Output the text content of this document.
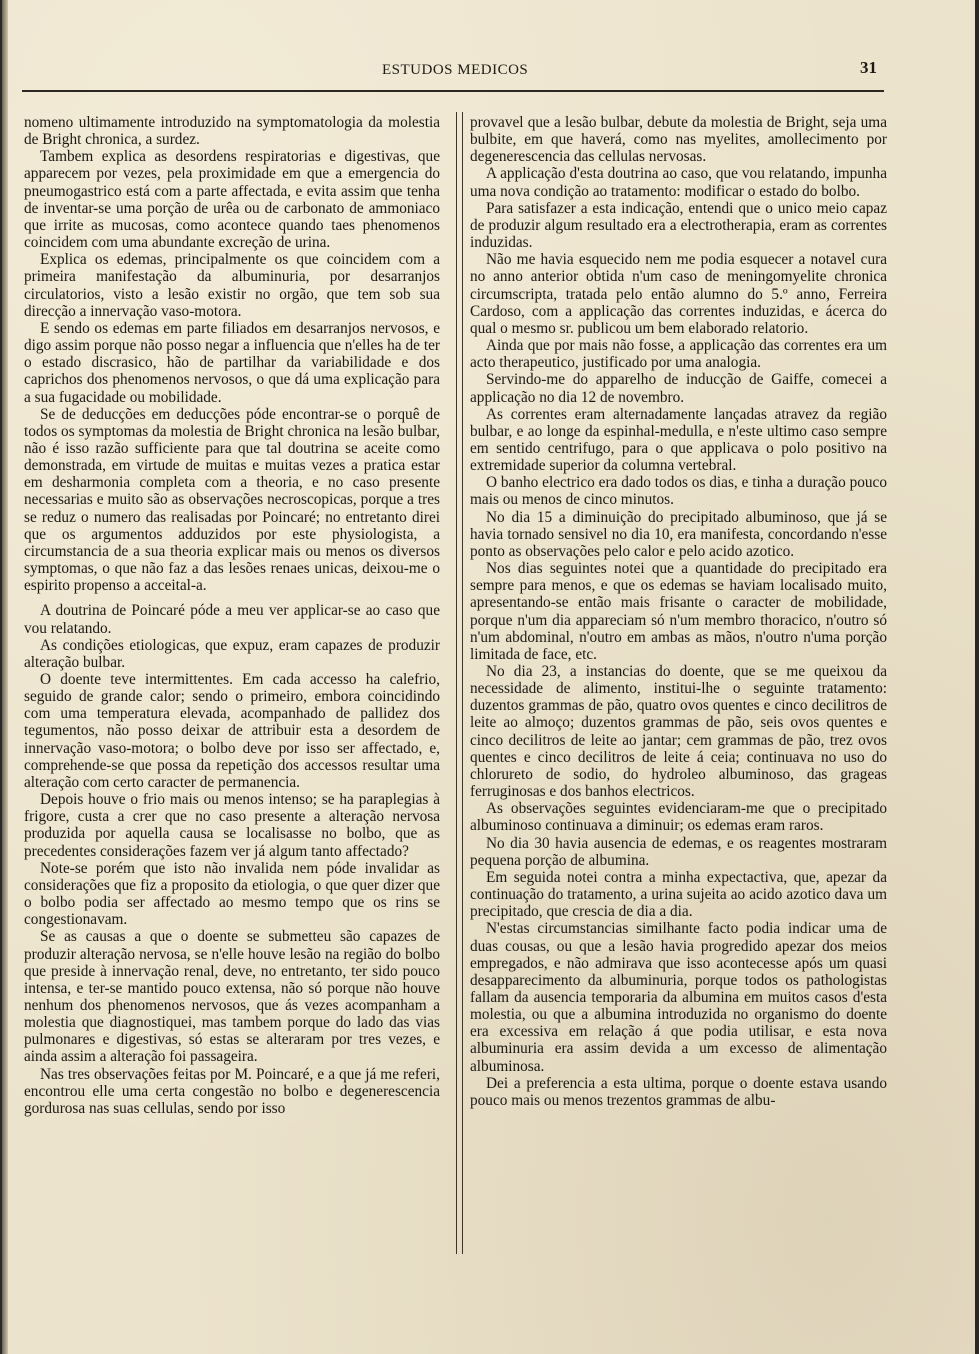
ESTUDOS MEDICOS	31

nomeno ultimamente introduzido na symptomatologia da molestia de Bright chronica, a surdez.

Tambem explica as desordens respiratorias e digestivas, que apparecem por vezes, pela proximidade em que a emergencia do pneumogastrico está com a parte affectada, e evita assim que tenha de inventar-se uma porção de urêa ou de carbonato de ammoniaco que irrite as mucosas, como acontece quando taes phenomenos coincidem com uma abundante excreção de urina.

Explica os edemas, principalmente os que coincidem com a primeira manifestação da albuminuria, por desarranjos circulatorios, visto a lesão existir no orgão, que tem sob sua direcção a innervação vaso-motora.

E sendo os edemas em parte filiados em desarranjos nervosos, e digo assim porque não posso negar a influencia que n'elles ha de ter o estado discrasico, hão de partilhar da variabilidade e dos caprichos dos phenomenos nervosos, o que dá uma explicação para a sua fugacidade ou mobilidade.

Se de deducções em deducções póde encontrar-se o porquê de todos os symptomas da molestia de Bright chronica na lesão bulbar, não é isso razão sufficiente para que tal doutrina se aceite como demonstrada, em virtude de muitas e muitas vezes a pratica estar em desharmonia completa com a theoria, e no caso presente necessarias e muito são as observações necroscopicas, porque a tres se reduz o numero das realisadas por Poincaré; no entretanto direi que os argumentos adduzidos por este physiologista, a circumstancia de a sua theoria explicar mais ou menos os diversos symptomas, o que não faz a das lesões renaes unicas, deixou-me o espirito propenso a acceital-a.

A doutrina de Poincaré póde a meu ver applicar-se ao caso que vou relatando.

As condições etiologicas, que expuz, eram capazes de produzir alteração bulbar.

O doente teve intermittentes. Em cada accesso ha calefrio, seguido de grande calor; sendo o primeiro, embora coincidindo com uma temperatura elevada, acompanhado de pallidez dos tegumentos, não posso deixar de attribuir esta a desordem de innervação vaso-motora; o bolbo deve por isso ser affectado, e, comprehende-se que possa da repetição dos accessos resultar uma alteração com certo caracter de permanencia.

Depois houve o frio mais ou menos intenso; se ha paraplegias à frigore, custa a crer que no caso presente a alteração nervosa produzida por aquella causa se localisasse no bolbo, que as precedentes considerações fazem ver já algum tanto affectado?

Note-se porém que isto não invalida nem póde invalidar as considerações que fiz a proposito da etiologia, o que quer dizer que o bolbo podia ser affectado ao mesmo tempo que os rins se congestionavam.

Se as causas a que o doente se submetteu são capazes de produzir alteração nervosa, se n'elle houve lesão na região do bolbo que preside à innervação renal, deve, no entretanto, ter sido pouco intensa, e ter-se mantido pouco extensa, não só porque não houve nenhum dos phenomenos nervosos, que ás vezes acompanham a molestia que diagnostiquei, mas tambem porque do lado das vias pulmonares e digestivas, só estas se alteraram por tres vezes, e ainda assim a alteração foi passageira.

Nas tres observações feitas por M. Poincaré, e a que já me referi, encontrou elle uma certa congestão no bolbo e degenerescencia gordurosa nas suas cellulas, sendo por isso

provavel que a lesão bulbar, debute da molestia de Bright, seja uma bulbite, em que haverá, como nas myelites, amollecimento por degenerescencia das cellulas nervosas.

A applicação d'esta doutrina ao caso, que vou relatando, impunha uma nova condição ao tratamento: modificar o estado do bolbo.

Para satisfazer a esta indicação, entendi que o unico meio capaz de produzir algum resultado era a electrotherapia, eram as correntes induzidas.

Não me havia esquecido nem me podia esquecer a notavel cura no anno anterior obtida n'um caso de meningomyelite chronica circumscripta, tratada pelo então alumno do 5.º anno, Ferreira Cardoso, com a applicação das correntes induzidas, e ácerca do qual o mesmo sr. publicou um bem elaborado relatorio.

Ainda que por mais não fosse, a applicação das correntes era um acto therapeutico, justificado por uma analogia.

Servindo-me do apparelho de inducção de Gaiffe, comecei a applicação no dia 12 de novembro.

As correntes eram alternadamente lançadas atravez da região bulbar, e ao longe da espinhal-medulla, e n'este ultimo caso sempre em sentido centrifugo, para o que applicava o polo positivo na extremidade superior da columna vertebral.

O banho electrico era dado todos os dias, e tinha a duração pouco mais ou menos de cinco minutos.

No dia 15 a diminuição do precipitado albuminoso, que já se havia tornado sensivel no dia 10, era manifesta, concordando n'esse ponto as observações pelo calor e pelo acido azotico.

Nos dias seguintes notei que a quantidade do precipitado era sempre para menos, e que os edemas se haviam localisado muito, apresentando-se então mais frisante o caracter de mobilidade, porque n'um dia appareciam só n'um membro thoracico, n'outro só n'um abdominal, n'outro em ambas as mãos, n'outro n'uma porção limitada de face, etc.

No dia 23, a instancias do doente, que se me queixou da necessidade de alimento, institui-lhe o seguinte tratamento: duzentos grammas de pão, quatro ovos quentes e cinco decilitros de leite ao almoço; duzentos grammas de pão, seis ovos quentes e cinco decilitros de leite ao jantar; cem grammas de pão, trez ovos quentes e cinco decilitros de leite á ceia; continuava no uso do chlorureto de sodio, do hydroleo albuminoso, das grageas ferruginosas e dos banhos electricos.

As observações seguintes evidenciaram-me que o precipitado albuminoso continuava a diminuir; os edemas eram raros.

No dia 30 havia ausencia de edemas, e os reagentes mostraram pequena porção de albumina.

Em seguida notei contra a minha expectactiva, que, apezar da continuação do tratamento, a urina sujeita ao acido azotico dava um precipitado, que crescia de dia a dia.

N'estas circumstancias similhante facto podia indicar uma de duas cousas, ou que a lesão havia progredido apezar dos meios empregados, e não admirava que isso acontecesse após um quasi desapparecimento da albuminuria, porque todos os pathologistas fallam da ausencia temporaria da albumina em muitos casos d'esta molestia, ou que a albumina introduzida no organismo do doente era excessiva em relação á que podia utilisar, e esta nova albuminuria era assim devida a um excesso de alimentação albuminosa.

Dei a preferencia a esta ultima, porque o doente estava usando pouco mais ou menos trezentos grammas de albu-
